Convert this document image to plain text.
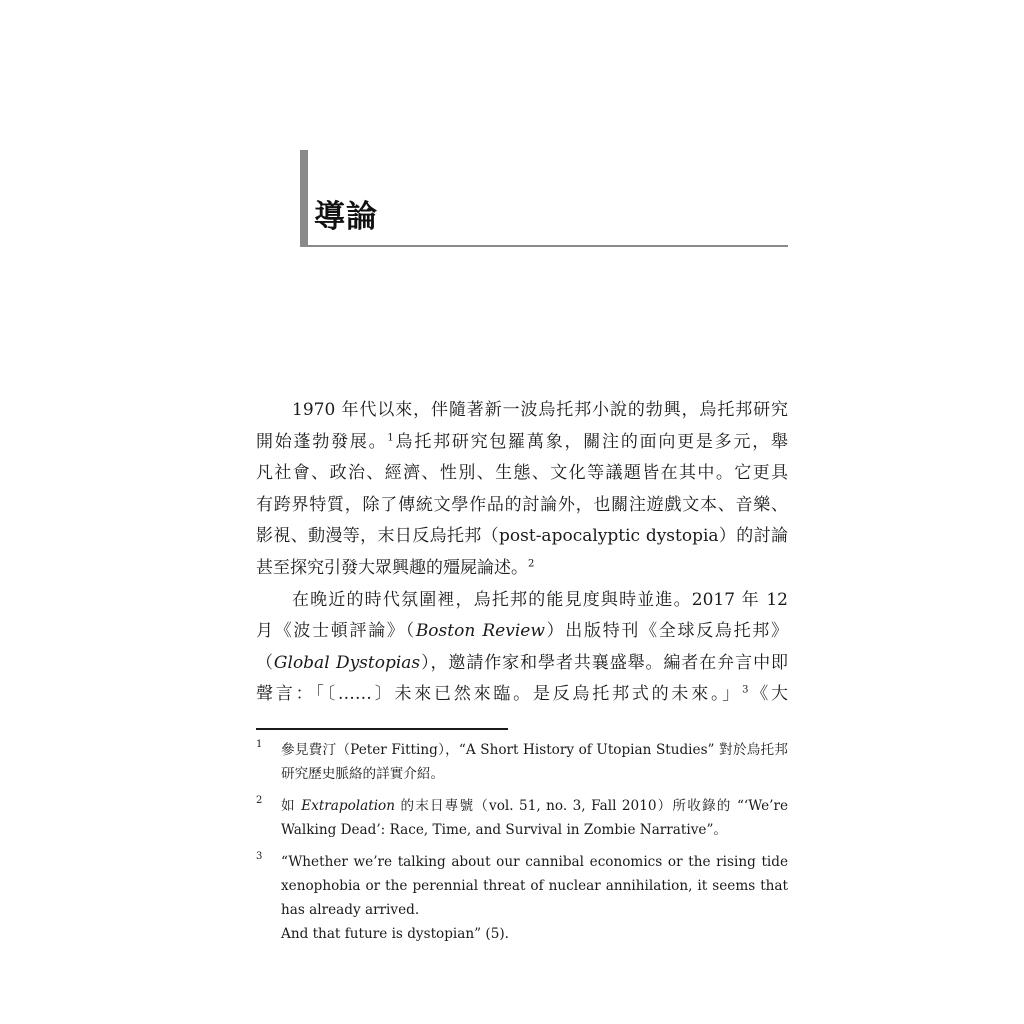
導論
1970 年代以來，伴隨著新一波烏托邦小說的勃興，烏托邦研究
開始蓬勃發展。$^1$烏托邦研究包羅萬象，關注的面向更是多元，舉
凡社會、政治、經濟、性別、生態、文化等議題皆在其中。它更具
有跨界特質，除了傳統文學作品的討論外，也關注遊戲文本、音樂、
影視、動漫等，末日反烏托邦（post-apocalyptic dystopia）的討論
甚至探究引發大眾興趣的殭屍論述。$^2$
在晚近的時代氛圍裡，烏托邦的能見度與時並進。2017 年 12
月《波士頓評論》（Boston Review）出版特刊《全球反烏托邦》
（Global Dystopias），邀請作家和學者共襄盛舉。編者在弁言中即
聲言：「〔……〕未來已然來臨。是反烏托邦式的未來。」$^3$《大
1 參見費汀（Peter Fitting），“A Short History of Utopian Studies” 對於烏托邦
研究歷史脈絡的詳實介紹。
2 如 Extrapolation 的末日專號（vol. 51, no. 3, Fall 2010）所收錄的 “‘We’re
Walking Dead’: Race, Time, and Survival in Zombie Narrative”。
3 “Whether we’re talking about our cannibal economics or the rising tide
xenophobia or the perennial threat of nuclear annihilation, it seems that
has already arrived.
And that future is dystopian” (5).
